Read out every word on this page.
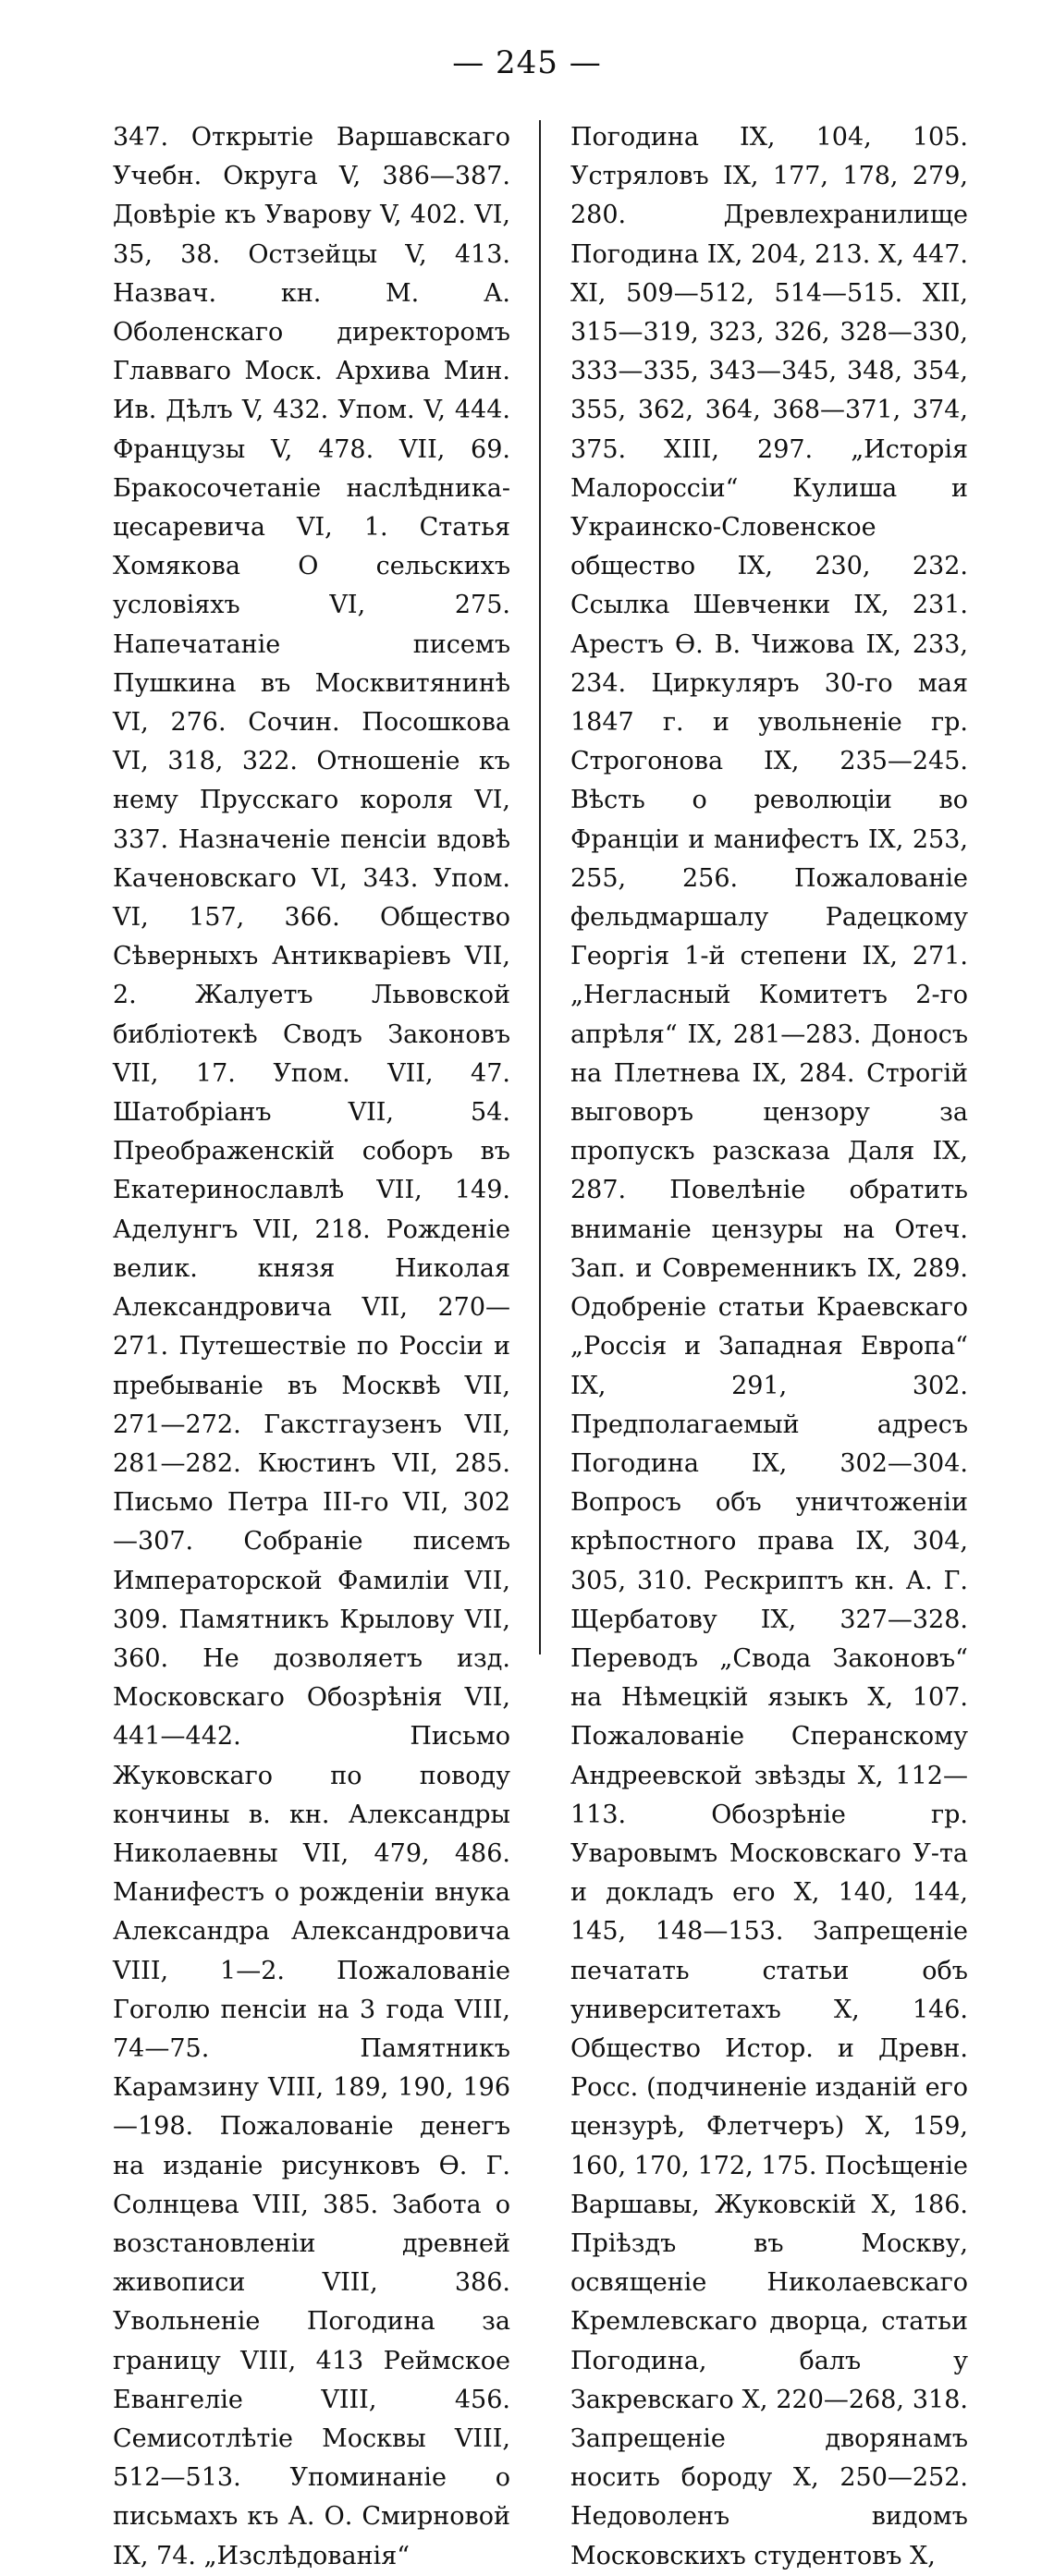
— 245 —

347. Открытіе Варшавскаго Учебн. Округа V, 386—387. Довѣріе къ Уварову V, 402. VI, 35, 38. Остзейцы V, 413. Назвач. кн. М. А. Оболенскаго директоромъ Главваго Моск. Архива Мин. Ив. Дѣлъ V, 432. Упом. V, 444. Французы V, 478. VII, 69. Бракосочетаніе наслѣдника-цесаревича VI, 1. Статья Хомякова О сельскихъ условіяхъ VI, 275. Напечатаніе писемъ Пушкина въ Москвитянинѣ VI, 276. Сочин. Посошкова VI, 318, 322. Отношеніе къ нему Прусскаго короля VI, 337. Назначеніе пенсіи вдовѣ Каченовскаго VI, 343. Упом. VI, 157, 366. Общество Сѣверныхъ Антикваріевъ VII, 2. Жалуетъ Львовской библіотекѣ Сводъ Законовъ VII, 17. Упом. VII, 47. Шатобріанъ VII, 54. Преображенскій соборъ въ Екатеринославлѣ VII, 149. Аделунгъ VII, 218. Рожденіе велик. князя Николая Александровича VII, 270—271. Путешествіе по Россіи и пребываніе въ Москвѣ VII, 271—272. Гакстгаузенъ VII, 281—282. Кюстинъ VII, 285. Письмо Петра III-го VII, 302—307. Собраніе писемъ Императорской Фамиліи VII, 309. Памятникъ Крылову VII, 360. Не дозволяетъ изд. Московскаго Обозрѣнія VII, 441—442. Письмо Жуковскаго по поводу кончины в. кн. Александры Николаевны VII, 479, 486. Манифестъ о рожденіи внука Александра Александровича VIII, 1—2. Пожалованіе Гоголю пенсіи на 3 года VIII, 74—75. Памятникъ Карамзину VIII, 189, 190, 196—198. Пожалованіе денегъ на изданіе рисунковъ Ѳ. Г. Солнцева VIII, 385. Забота о возстановленіи древней живописи VIII, 386. Увольненіе Погодина за границу VIII, 413 Реймское Евангеліе VIII, 456. Семисотлѣтіе Москвы VIII, 512—513. Упоминаніе о письмахъ къ А. О. Смирновой IX, 74. „Изслѣдованія“

Погодина IX, 104, 105. Устряловъ IX, 177, 178, 279, 280. Древлехранилище Погодина IX, 204, 213. X, 447. XI, 509—512, 514—515. XII, 315—319, 323, 326, 328—330, 333—335, 343—345, 348, 354, 355, 362, 364, 368—371, 374, 375. XIII, 297. „Исторія Малороссіи“ Кулиша и Украинско-Словенское общество IX, 230, 232. Ссылка Шевченки IX, 231. Арестъ Ѳ. В. Чижова IX, 233, 234. Циркуляръ 30-го мая 1847 г. и увольненіе гр. Строгонова IX, 235—245. Вѣсть о революціи во Франціи и манифестъ IX, 253, 255, 256. Пожалованіе фельдмаршалу Радецкому Георгія 1-й степени IX, 271. „Негласный Комитетъ 2-го апрѣля“ IX, 281—283. Доносъ на Плетнева IX, 284. Строгій выговоръ цензору за пропускъ разсказа Даля IX, 287. Повелѣніе обратить вниманіе цензуры на Отеч. Зап. и Современникъ IX, 289. Одобреніе статьи Краевскаго „Россія и Западная Европа“ IX, 291, 302. Предполагаемый адресъ Погодина IX, 302—304. Вопросъ объ уничтоженіи крѣпостного права IX, 304, 305, 310. Рескриптъ кн. А. Г. Щербатову IX, 327—328. Переводъ „Свода Законовъ“ на Нѣмецкій языкъ X, 107. Пожалованіе Сперанскому Андреевской звѣзды X, 112—113. Обозрѣніе гр. Уваровымъ Московскаго У-та и докладъ его X, 140, 144, 145, 148—153. Запрещеніе печатать статьи объ университетахъ X, 146. Общество Истор. и Древн. Росс. (подчиненіе изданій его цензурѣ, Флетчеръ) X, 159, 160, 170, 172, 175. Посѣщеніе Варшавы, Жуковскій X, 186. Пріѣздъ въ Москву, освященіе Николаевскаго Кремлевскаго дворца, статьи Погодина, балъ у Закревскаго X, 220—268, 318. Запрещеніе дворянамъ носить бороду X, 250—252. Недоволенъ видомъ Московскихъ студентовъ X,
